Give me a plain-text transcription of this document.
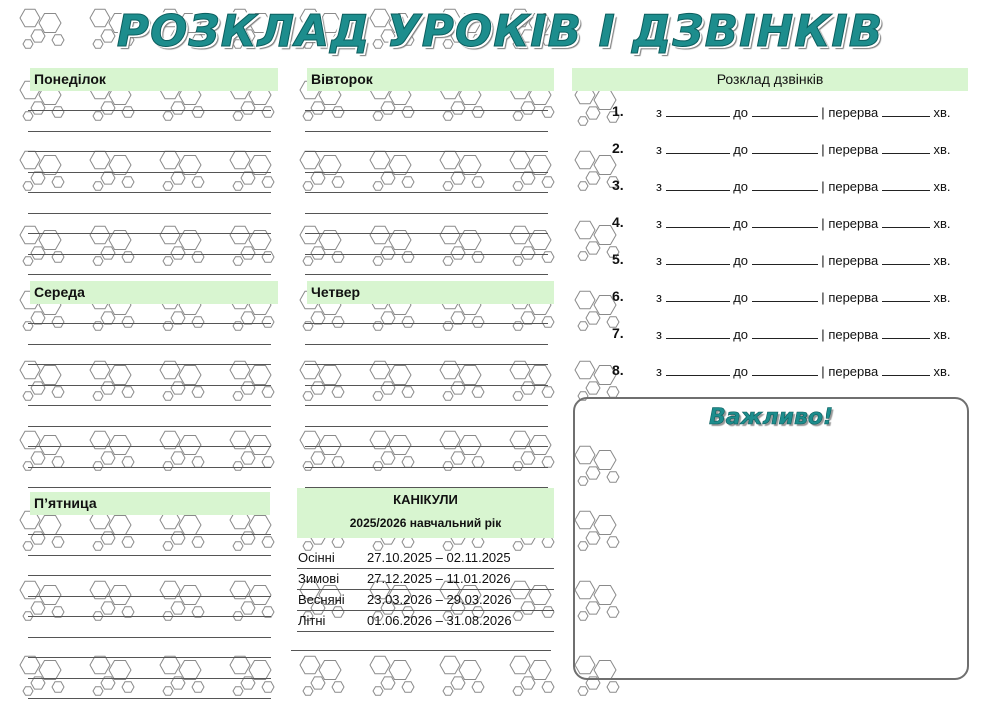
РОЗКЛАД УРОКІВ І ДЗВІНКІВ
Понеділок	Вівторок
Середа	Четвер
П’ятница
Розклад дзвінків
1. з	до	| перерва	хв.
2. з	до	| перерва	хв.
3. з	до	| перерва	хв.
4. з	до	| перерва	хв.
5. з	до	| перерва	хв.
6. з	до	| перерва	хв.
7. з	до	| перерва	хв.
8. з	до	| перерва	хв.
КАНІКУЛИ
2025/2026 навчальний рік
Осінні 27.10.2025 – 02.11.2025
Зимові 27.12.2025 – 11.01.2026
Весняні 23.03.2026 – 29.03.2026
Літні	01.06.2026 – 31.08.2026
Важливо!
